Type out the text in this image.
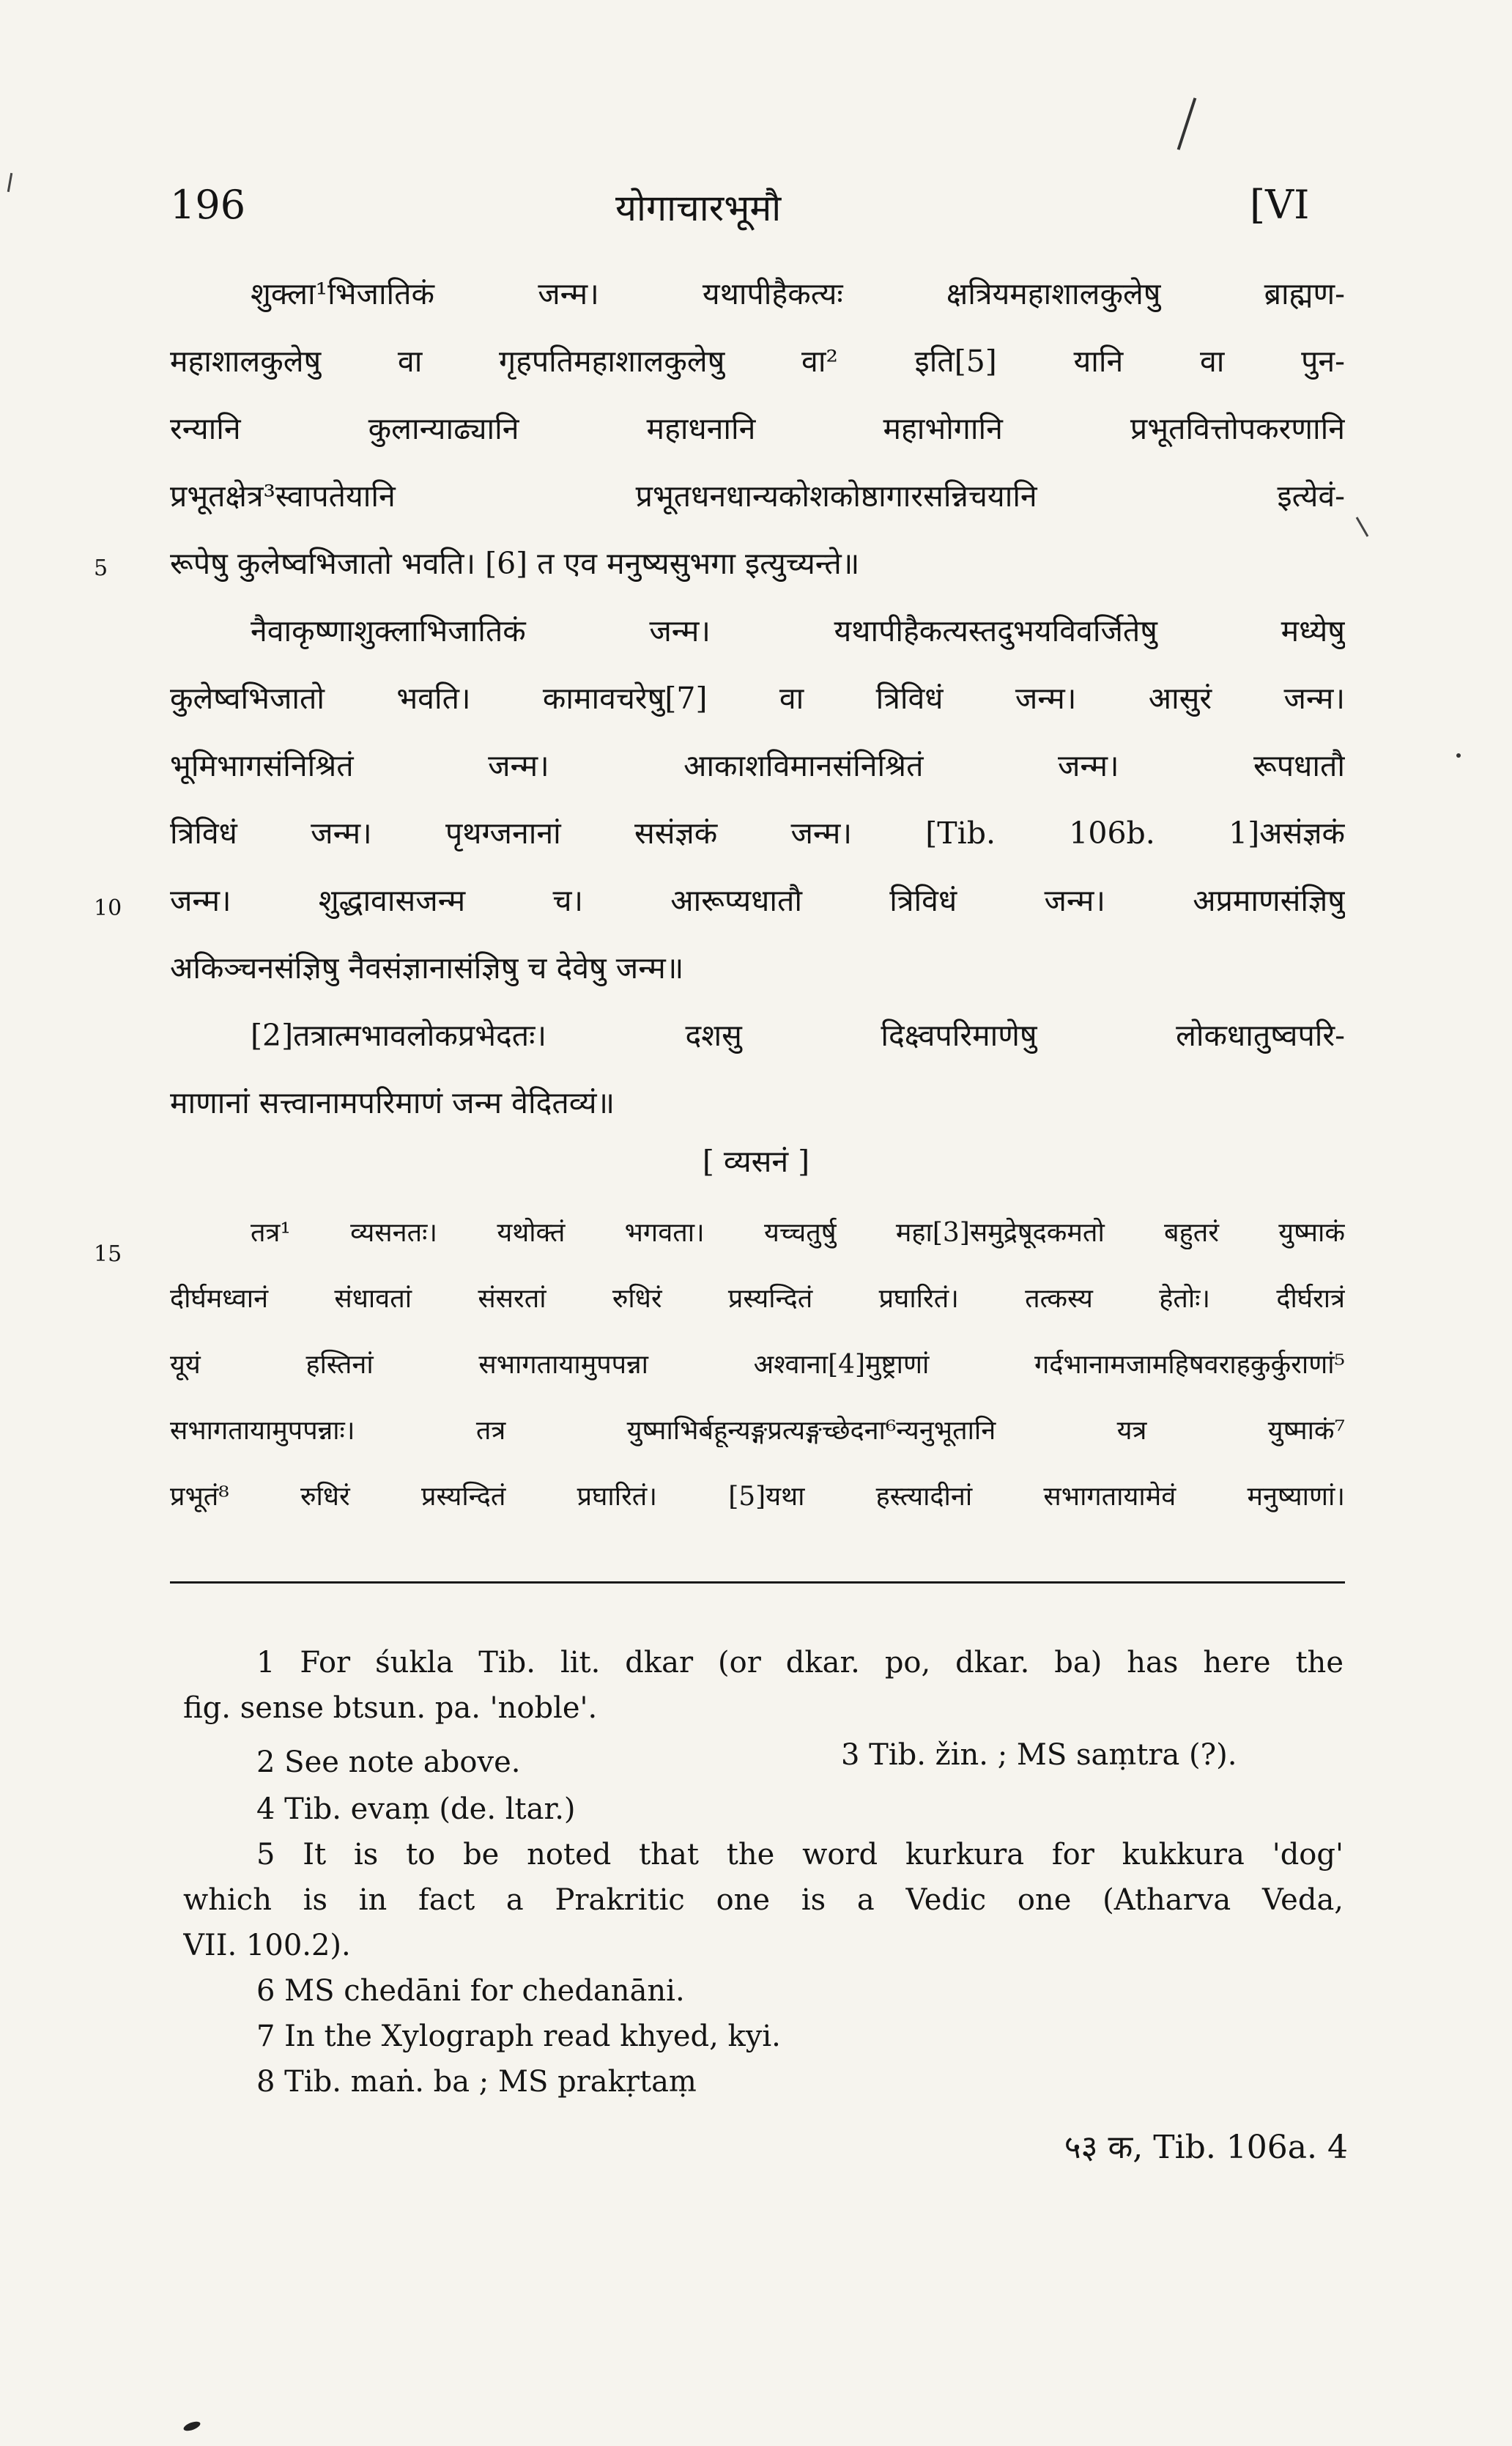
196	योगाचारभूमौ	[VI
5
10
15
शुक्ला¹भिजातिकं जन्म। यथापीहैकत्यः क्षत्रियमहाशालकुलेषु ब्राह्मण-
महाशालकुलेषु वा गृहपतिमहाशालकुलेषु वा² इति[5] यानि वा पुन-
रन्यानि कुलान्याढ्यानि महाधनानि महाभोगानि प्रभूतवित्तोपकरणानि
प्रभूतक्षेत्र³स्वापतेयानि प्रभूतधनधान्यकोशकोष्ठागारसन्निचयानि इत्येवं-
रूपेषु कुलेष्वभिजातो भवति। [6] त एव मनुष्यसुभगा इत्युच्यन्ते॥
नैवाकृष्णाशुक्लाभिजातिकं जन्म। यथापीहैकत्यस्तदुभयविवर्जितेषु मध्येषु
कुलेष्वभिजातो भवति। कामावचरेषु[7] वा त्रिविधं जन्म। आसुरं जन्म।
भूमिभागसंनिश्रितं जन्म। आकाशविमानसंनिश्रितं जन्म। रूपधातौ
त्रिविधं जन्म। पृथग्जनानां ससंज्ञकं जन्म। [Tib. 106b. 1]असंज्ञकं
जन्म। शुद्धावासजन्म च। आरूप्यधातौ त्रिविधं जन्म। अप्रमाणसंज्ञिषु
अकिञ्चनसंज्ञिषु नैवसंज्ञानासंज्ञिषु च देवेषु जन्म॥
[2]तत्रात्मभावलोकप्रभेदतः। दशसु दिक्ष्वपरिमाणेषु लोकधातुष्वपरि-
माणानां सत्त्वानामपरिमाणं जन्म वेदितव्यं॥
[ व्यसनं ]
तत्र¹ व्यसनतः। यथोक्तं भगवता। यच्चतुर्षु महा[3]समुद्रेषूदकमतो बहुतरं युष्माकं
दीर्घमध्वानं संधावतां संसरतां रुधिरं प्रस्यन्दितं प्रघारितं। तत्कस्य हेतोः। दीर्घरात्रं
यूयं हस्तिनां सभागतायामुपपन्ना अश्वाना[4]मुष्ट्राणां गर्दभानामजामहिषवराहकुर्कुराणां⁵
सभागतायामुपपन्नाः। तत्र युष्माभिर्बहून्यङ्गप्रत्यङ्गच्छेदना⁶न्यनुभूतानि यत्र युष्माकं⁷
प्रभूतं⁸ रुधिरं प्रस्यन्दितं प्रघारितं। [5]यथा हस्त्यादीनां सभागतायामेवं मनुष्याणां।
1 For śukla Tib. lit. dkar (or dkar. po, dkar. ba) has here the
fig. sense btsun. pa. 'noble'.
2 See note above.	3 Tib. ži̇n. ; MS saṃtra (?).
4 Tib. evaṃ (de. ltar.)
5 It is to be noted that the word kurkura for kukkura 'dog'
which is in fact a Prakritic one is a Vedic one (Atharva Veda,
VII. 100.2).
6 MS chedāni for chedanāni.
7 In the Xylograph read khyed, kyi.
8 Tib. maṅ. ba ; MS prakṛtaṃ
५३ क, Tib. 106a. 4
